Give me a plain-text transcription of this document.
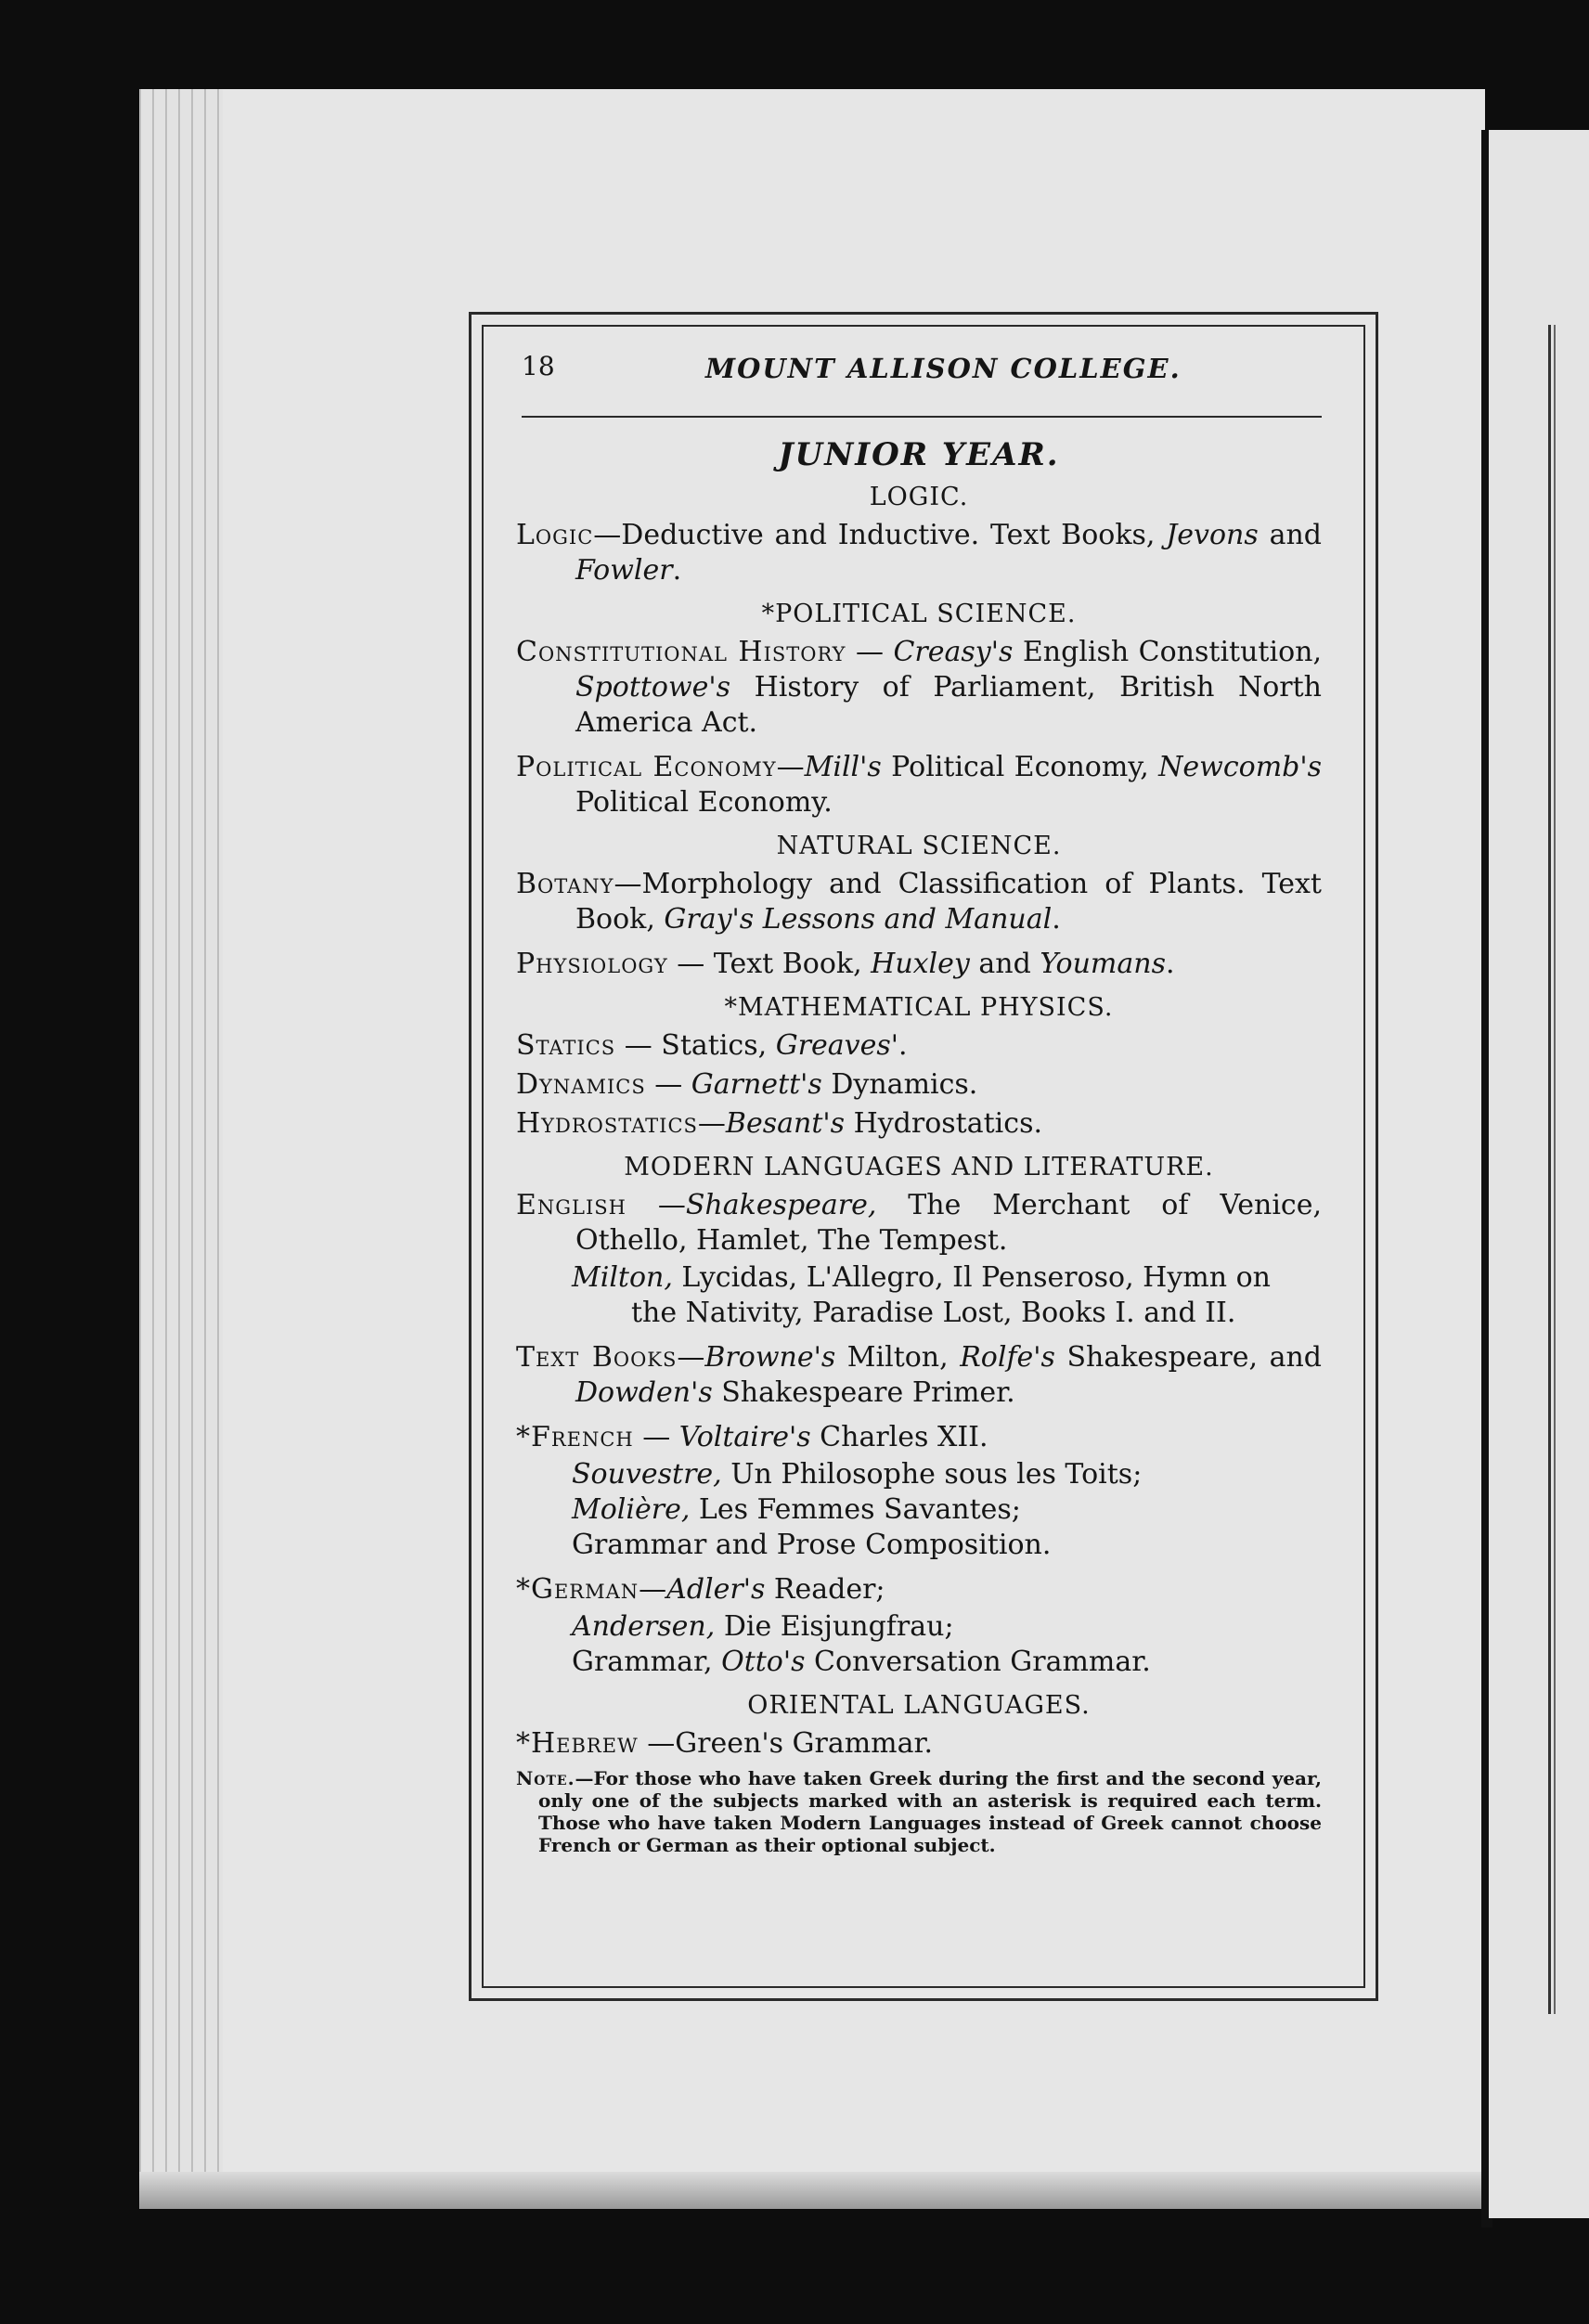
18	MOUNT ALLISON COLLEGE.
JUNIOR YEAR.
LOGIC.

Logic—Deductive and Inductive. Text Books, Jevons and Fowler.

*POLITICAL SCIENCE.

Constitutional History — Creasy's English Constitution, Spottowe's History of Parliament, British North America Act.

Political Economy—Mill's Political Economy, Newcomb's Political Economy.

NATURAL SCIENCE.

Botany—Morphology and Classification of Plants. Text Book, Gray's Lessons and Manual.

Physiology — Text Book, Huxley and Youmans.

*MATHEMATICAL PHYSICS.

Statics — Statics, Greaves'.

Dynamics — Garnett's Dynamics.

Hydrostatics—Besant's Hydrostatics.

MODERN LANGUAGES AND LITERATURE.

English —Shakespeare, The Merchant of Venice, Othello, Hamlet, The Tempest.

Milton, Lycidas, L'Allegro, Il Penseroso, Hymn on the Nativity, Paradise Lost, Books I. and II.

Text Books—Browne's Milton, Rolfe's Shakespeare, and Dowden's Shakespeare Primer.

*French — Voltaire's Charles XII.

Souvestre, Un Philosophe sous les Toits;

Molière, Les Femmes Savantes;

Grammar and Prose Composition.

*German—Adler's Reader;

Andersen, Die Eisjungfrau;

Grammar, Otto's Conversation Grammar.

ORIENTAL LANGUAGES.

*Hebrew —Green's Grammar.

Note.—For those who have taken Greek during the first and the second year, only one of the subjects marked with an asterisk is required each term. Those who have taken Modern Languages instead of Greek cannot choose French or German as their optional subject.
